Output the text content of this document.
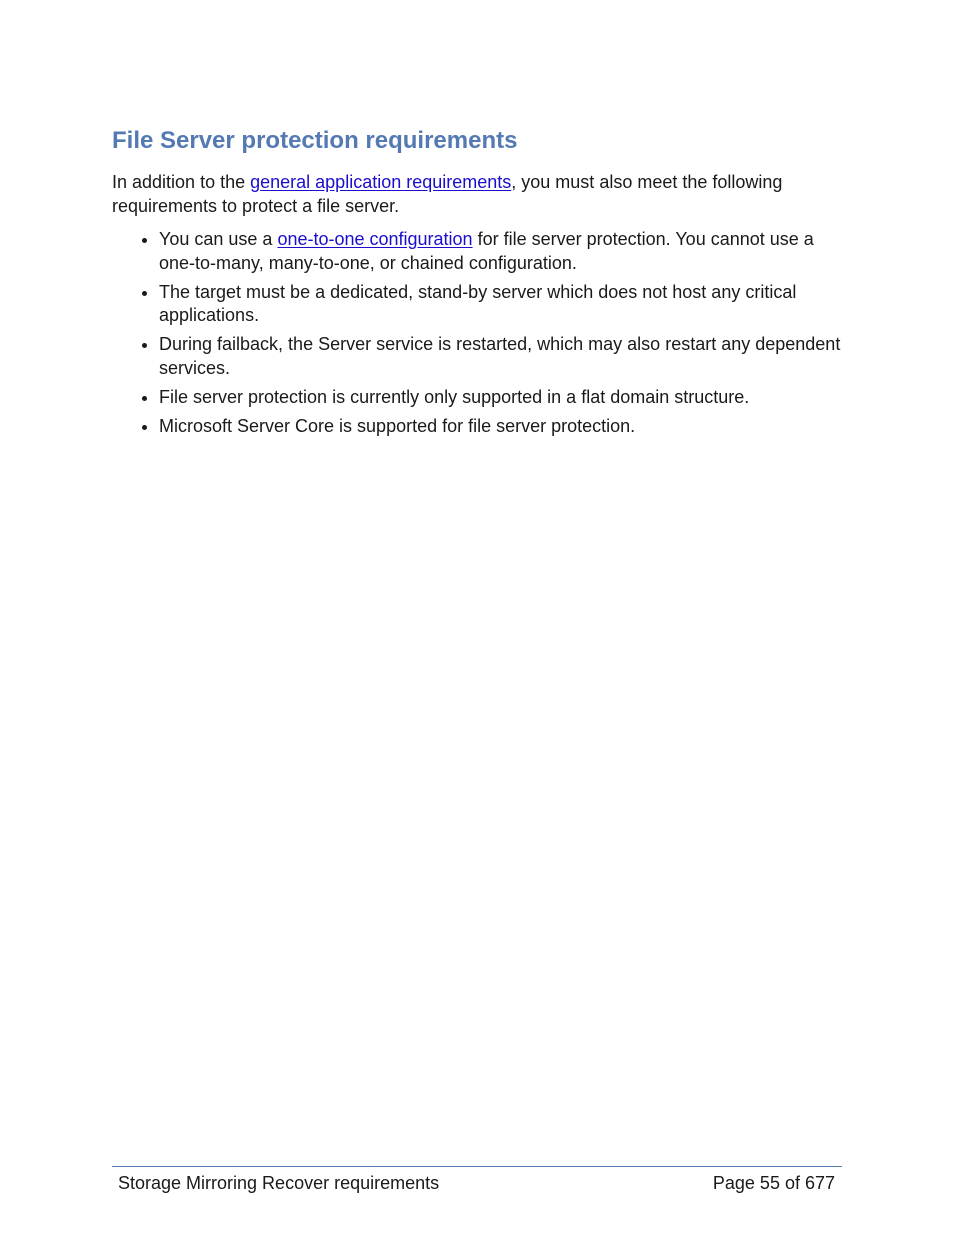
File Server protection requirements

In addition to the general application requirements, you must also meet the following requirements to protect a file server.

You can use a one-to-one configuration for file server protection. You cannot use a one-to-many, many-to-one, or chained configuration.
The target must be a dedicated, stand-by server which does not host any critical applications.
During failback, the Server service is restarted, which may also restart any dependent services.
File server protection is currently only supported in a flat domain structure.
Microsoft Server Core is supported for file server protection.
Storage Mirroring Recover requirements	Page 55 of 677
